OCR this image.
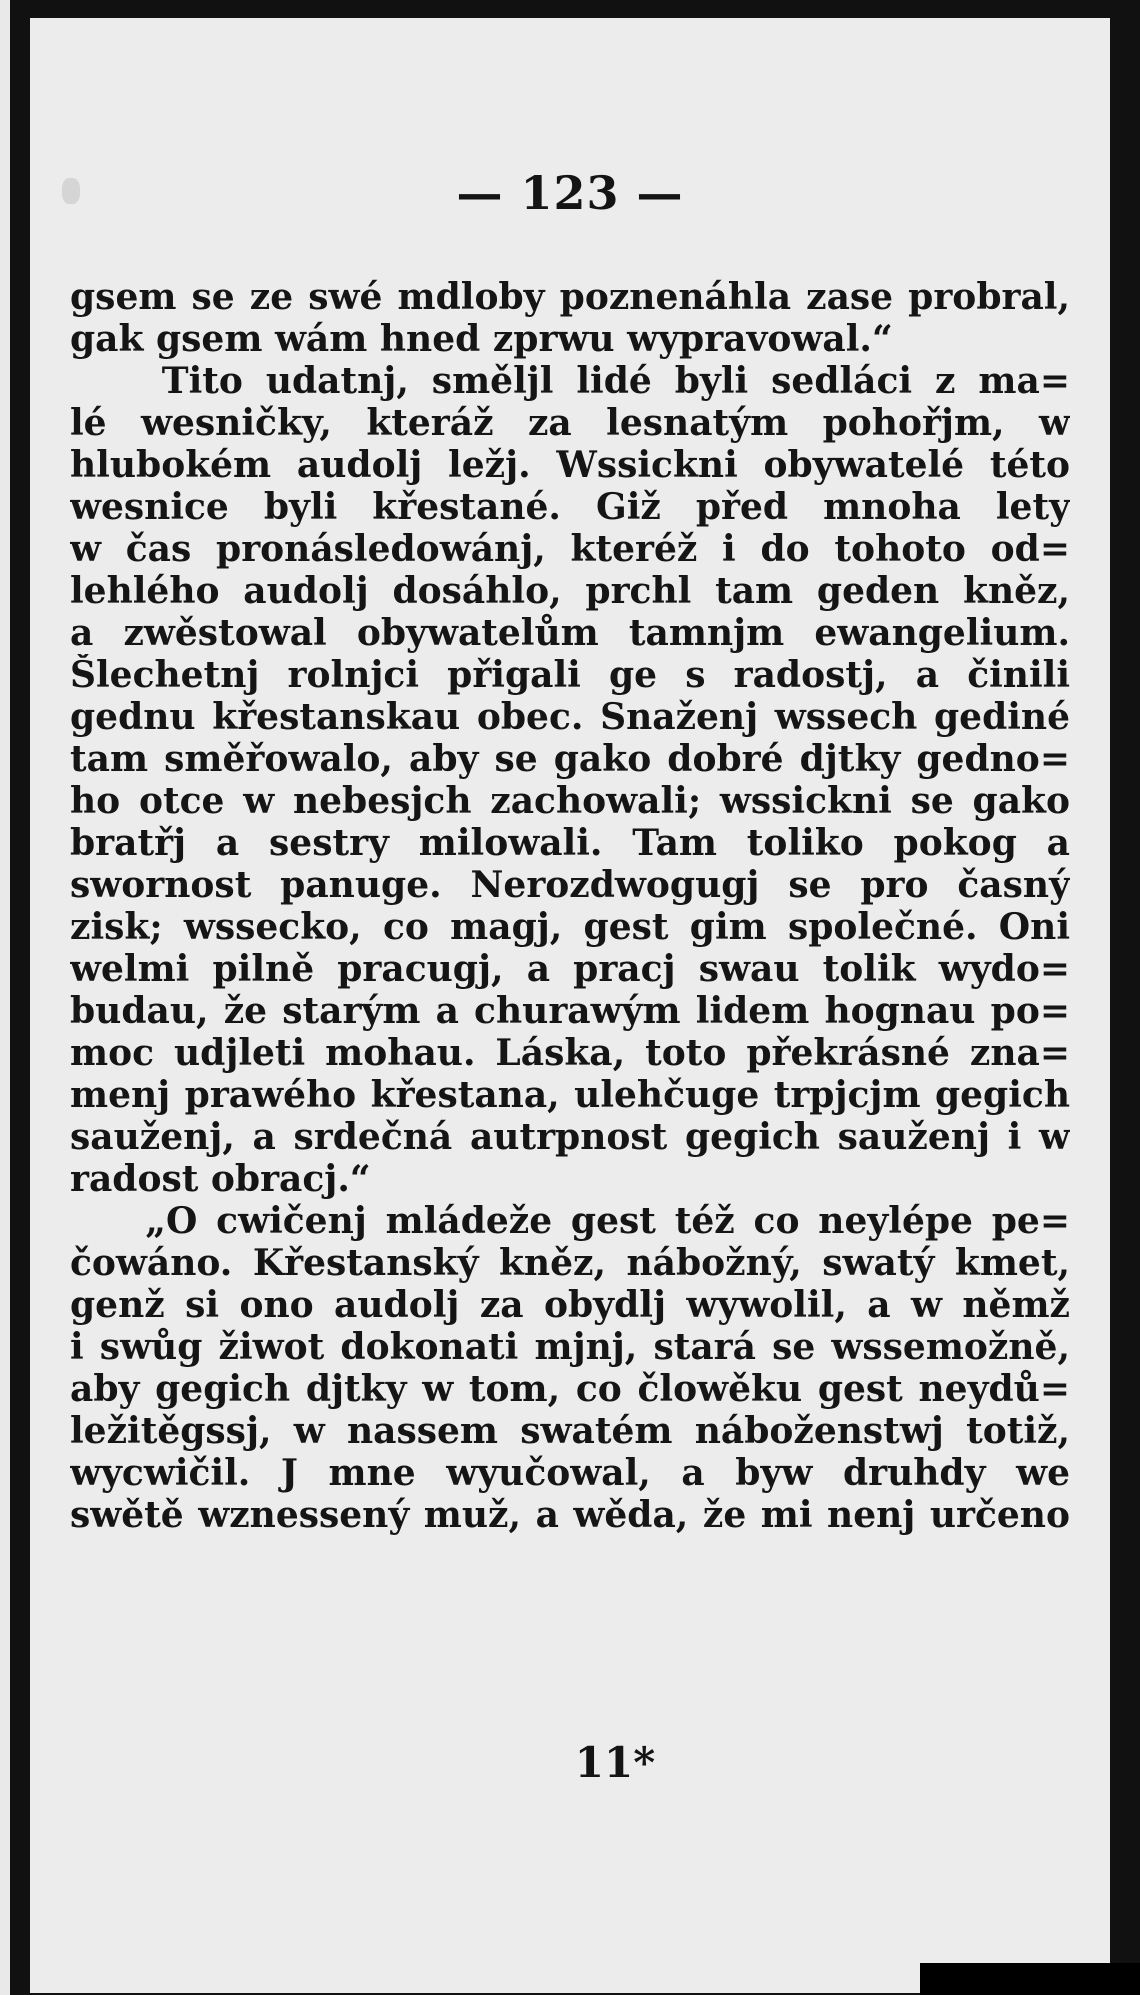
— 123 —
gsem se ze swé mdloby poznenáhla zase probral,
gak gsem wám hned zprwu wypravowal.“
Tito udatnj, směljl lidé byli sedláci z ma=
lé wesničky, kteráž za lesnatým pohořjm, w
hlubokém audolj ležj. Wssickni obywatelé této
wesnice byli křestané. Giž před mnoha lety
w čas pronásledowánj, kteréž i do tohoto od=
lehlého audolj dosáhlo, prchl tam geden kněz,
a zwěstowal obywatelům tamnjm ewangelium.
Šlechetnj rolnjci přigali ge s radostj, a činili
gednu křestanskau obec. Snaženj wssech gediné
tam směřowalo, aby se gako dobré djtky gedno=
ho otce w nebesjch zachowali; wssickni se gako
bratřj a sestry milowali. Tam toliko pokog a
swornost panuge. Nerozdwogugj se pro časný
zisk; wssecko, co magj, gest gim společné. Oni
welmi pilně pracugj, a pracj swau tolik wydo=
budau, že starým a churawým lidem hognau po=
moc udjleti mohau. Láska, toto překrásné zna=
menj prawého křestana, ulehčuge trpjcjm gegich
sauženj, a srdečná autrpnost gegich sauženj i w
radost obracj.“
„O cwičenj mládeže gest též co neylépe pe=
čowáno. Křestanský kněz, nábožný, swatý kmet,
genž si ono audolj za obydlj wywolil, a w němž
i swůg žiwot dokonati mjnj, stará se wssemožně,
aby gegich djtky w tom, co člowěku gest neydů=
ležitěgssj, w nassem swatém náboženstwj totiž,
wycwičil. J mne wyučowal, a byw druhdy we
swětě wznessený muž, a wěda, že mi nenj určeno
11*
